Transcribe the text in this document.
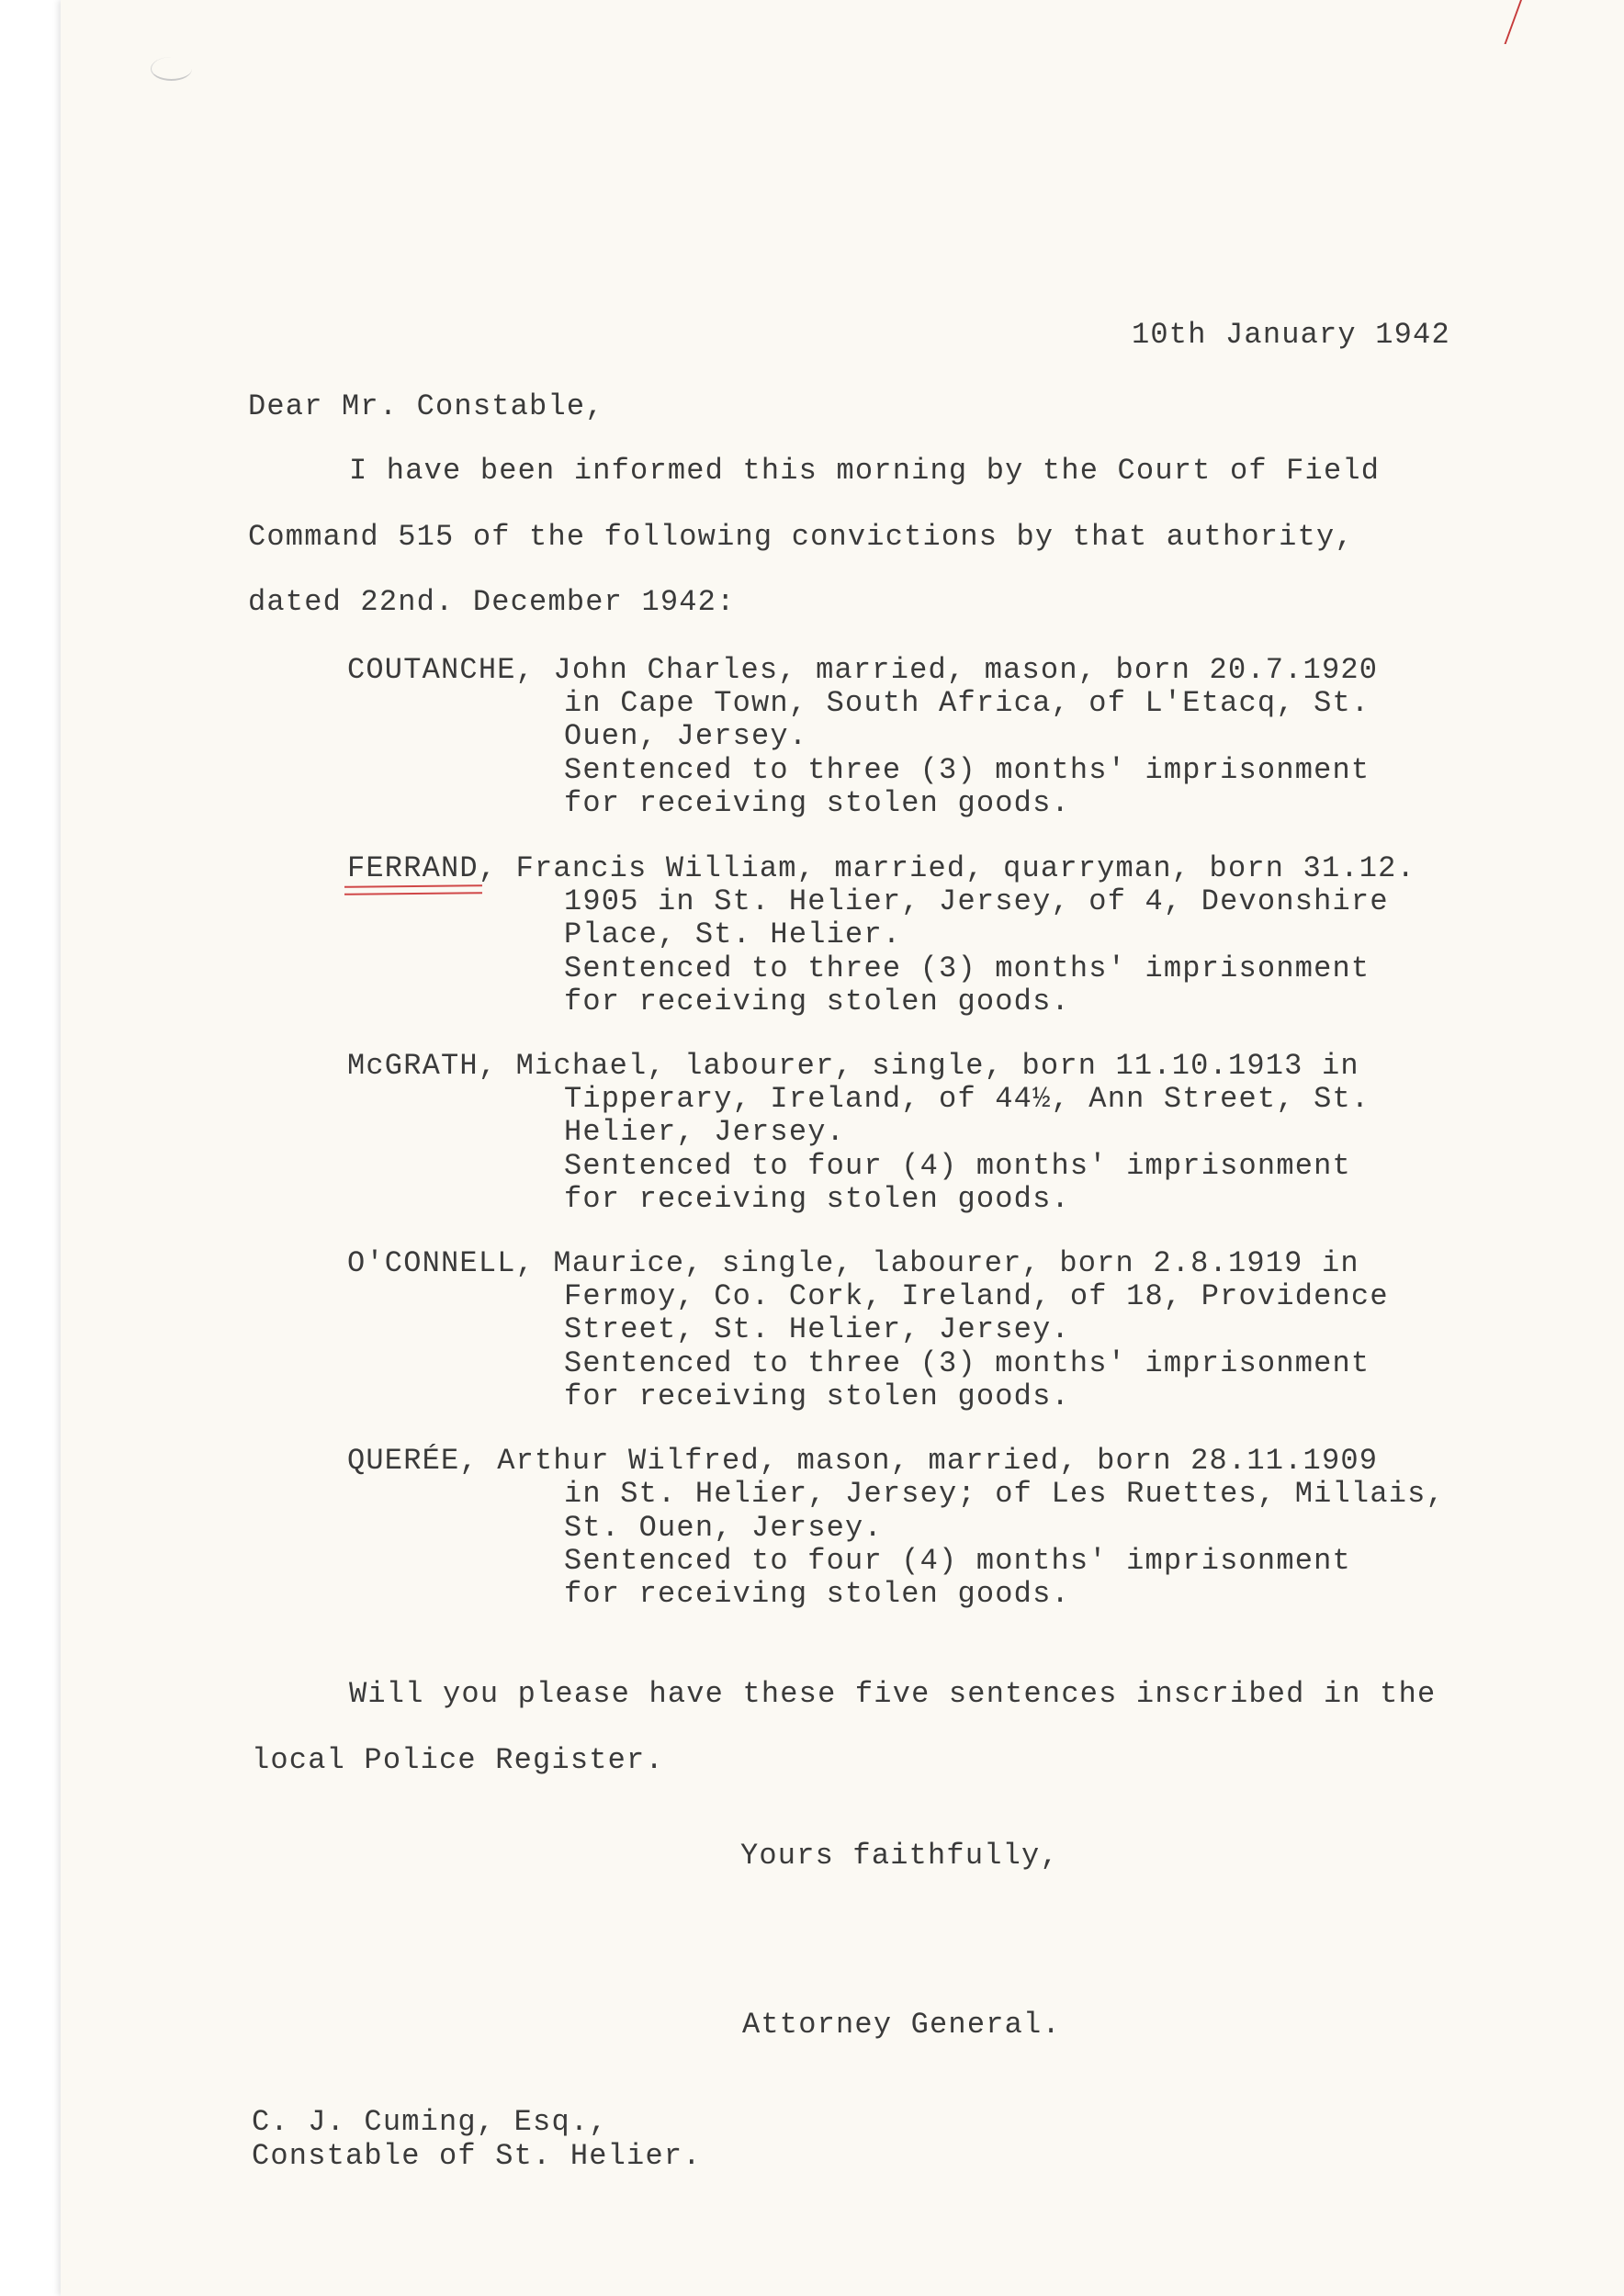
10th January 1942
Dear Mr. Constable,
I have been informed this morning by the Court of Field
Command 515 of the following convictions by that authority,
dated 22nd. December 1942:
COUTANCHE, John Charles, married, mason, born 20.7.1920
in Cape Town, South Africa, of L'Etacq, St.
Ouen, Jersey.
Sentenced to three (3) months' imprisonment
for receiving stolen goods.
FERRAND, Francis William, married, quarryman, born 31.12.
1905 in St. Helier, Jersey, of 4, Devonshire
Place, St. Helier.
Sentenced to three (3) months' imprisonment
for receiving stolen goods.
McGRATH, Michael, labourer, single, born 11.10.1913 in
Tipperary, Ireland, of 44½, Ann Street, St.
Helier, Jersey.
Sentenced to four (4) months' imprisonment
for receiving stolen goods.
O'CONNELL, Maurice, single, labourer, born 2.8.1919 in
Fermoy, Co. Cork, Ireland, of 18, Providence
Street, St. Helier, Jersey.
Sentenced to three (3) months' imprisonment
for receiving stolen goods.
QUERÉE, Arthur Wilfred, mason, married, born 28.11.1909
in St. Helier, Jersey; of Les Ruettes, Millais,
St. Ouen, Jersey.
Sentenced to four (4) months' imprisonment
for receiving stolen goods.
Will you please have these five sentences inscribed in the
local Police Register.
Yours faithfully,
Attorney General.
C. J. Cuming, Esq.,
Constable of St. Helier.
